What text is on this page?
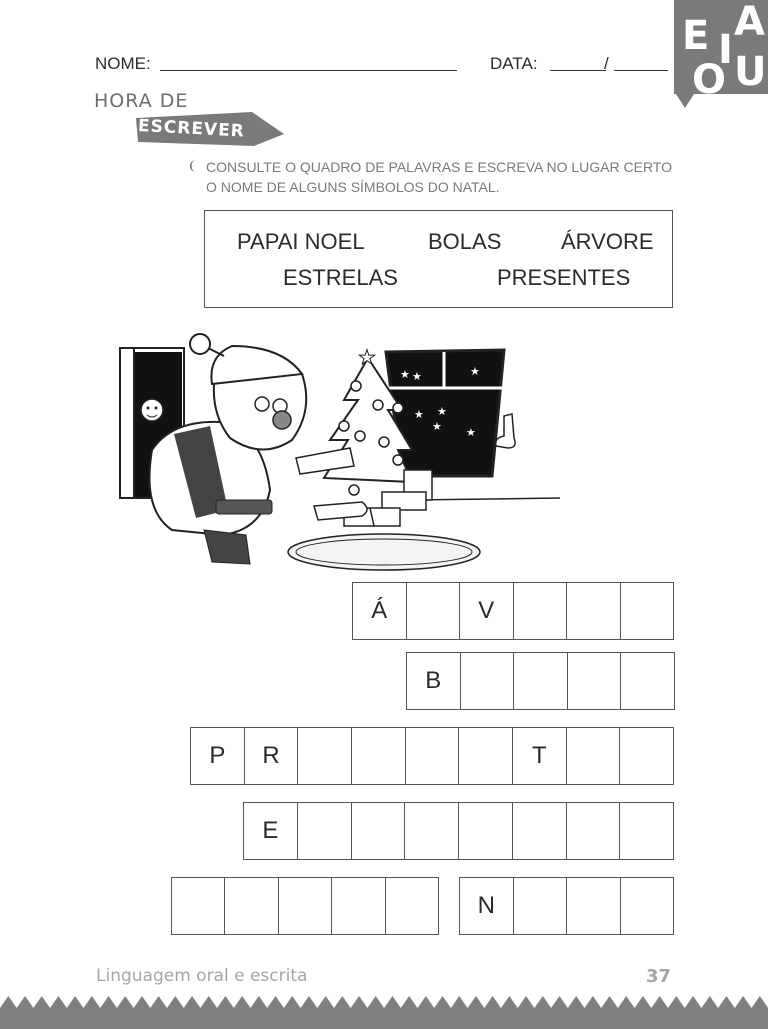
E I
A
O U
NOME:	DATA:	/
HORA DE
ESCREVER
CONSULTE O QUADRO DE PALAVRAS E ESCREVA NO LUGAR CERTO O NOME DE ALGUNS SÍMBOLOS DO NATAL.
PAPAI NOEL	BOLAS	ÁRVORE
ESTRELAS	PRESENTES
★ ★	★
★ ★
★ ★
★
Á	V
B
P	R	T
E
N
Linguagem oral e escrita	37
